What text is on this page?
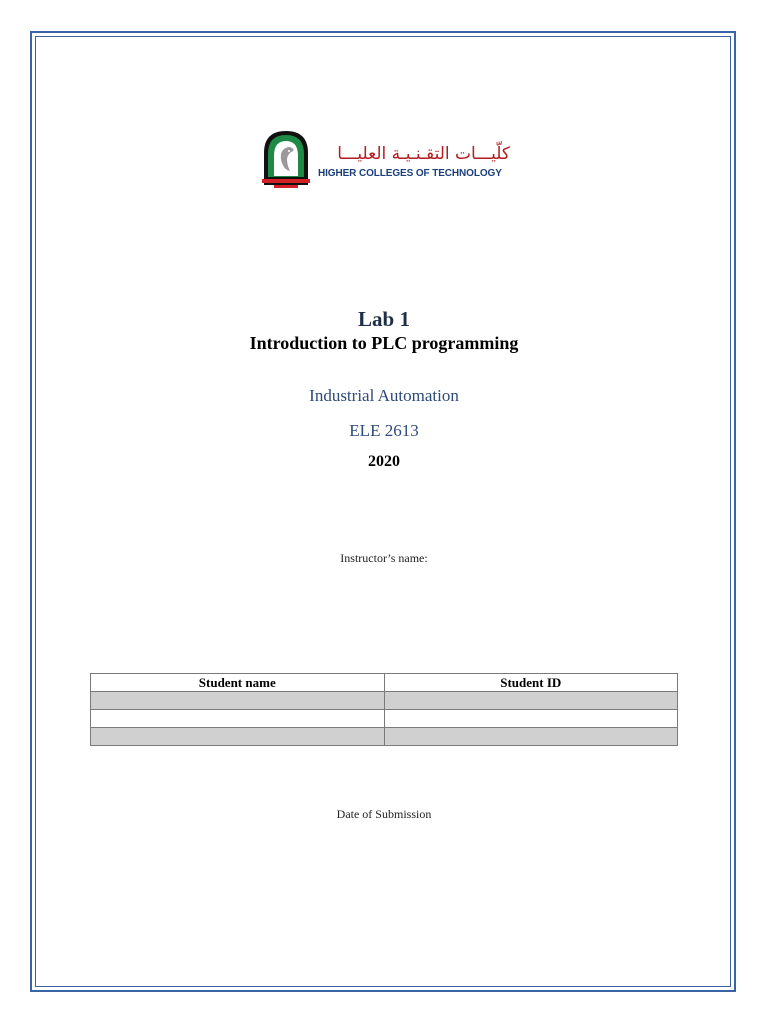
كلّيـــات التقـنـيـة العليـــا
HIGHER COLLEGES OF TECHNOLOGY
Lab 1
Introduction to PLC programming
Industrial Automation
ELE 2613
2020
Instructor’s name:
Student name	Student ID

Date of Submission
